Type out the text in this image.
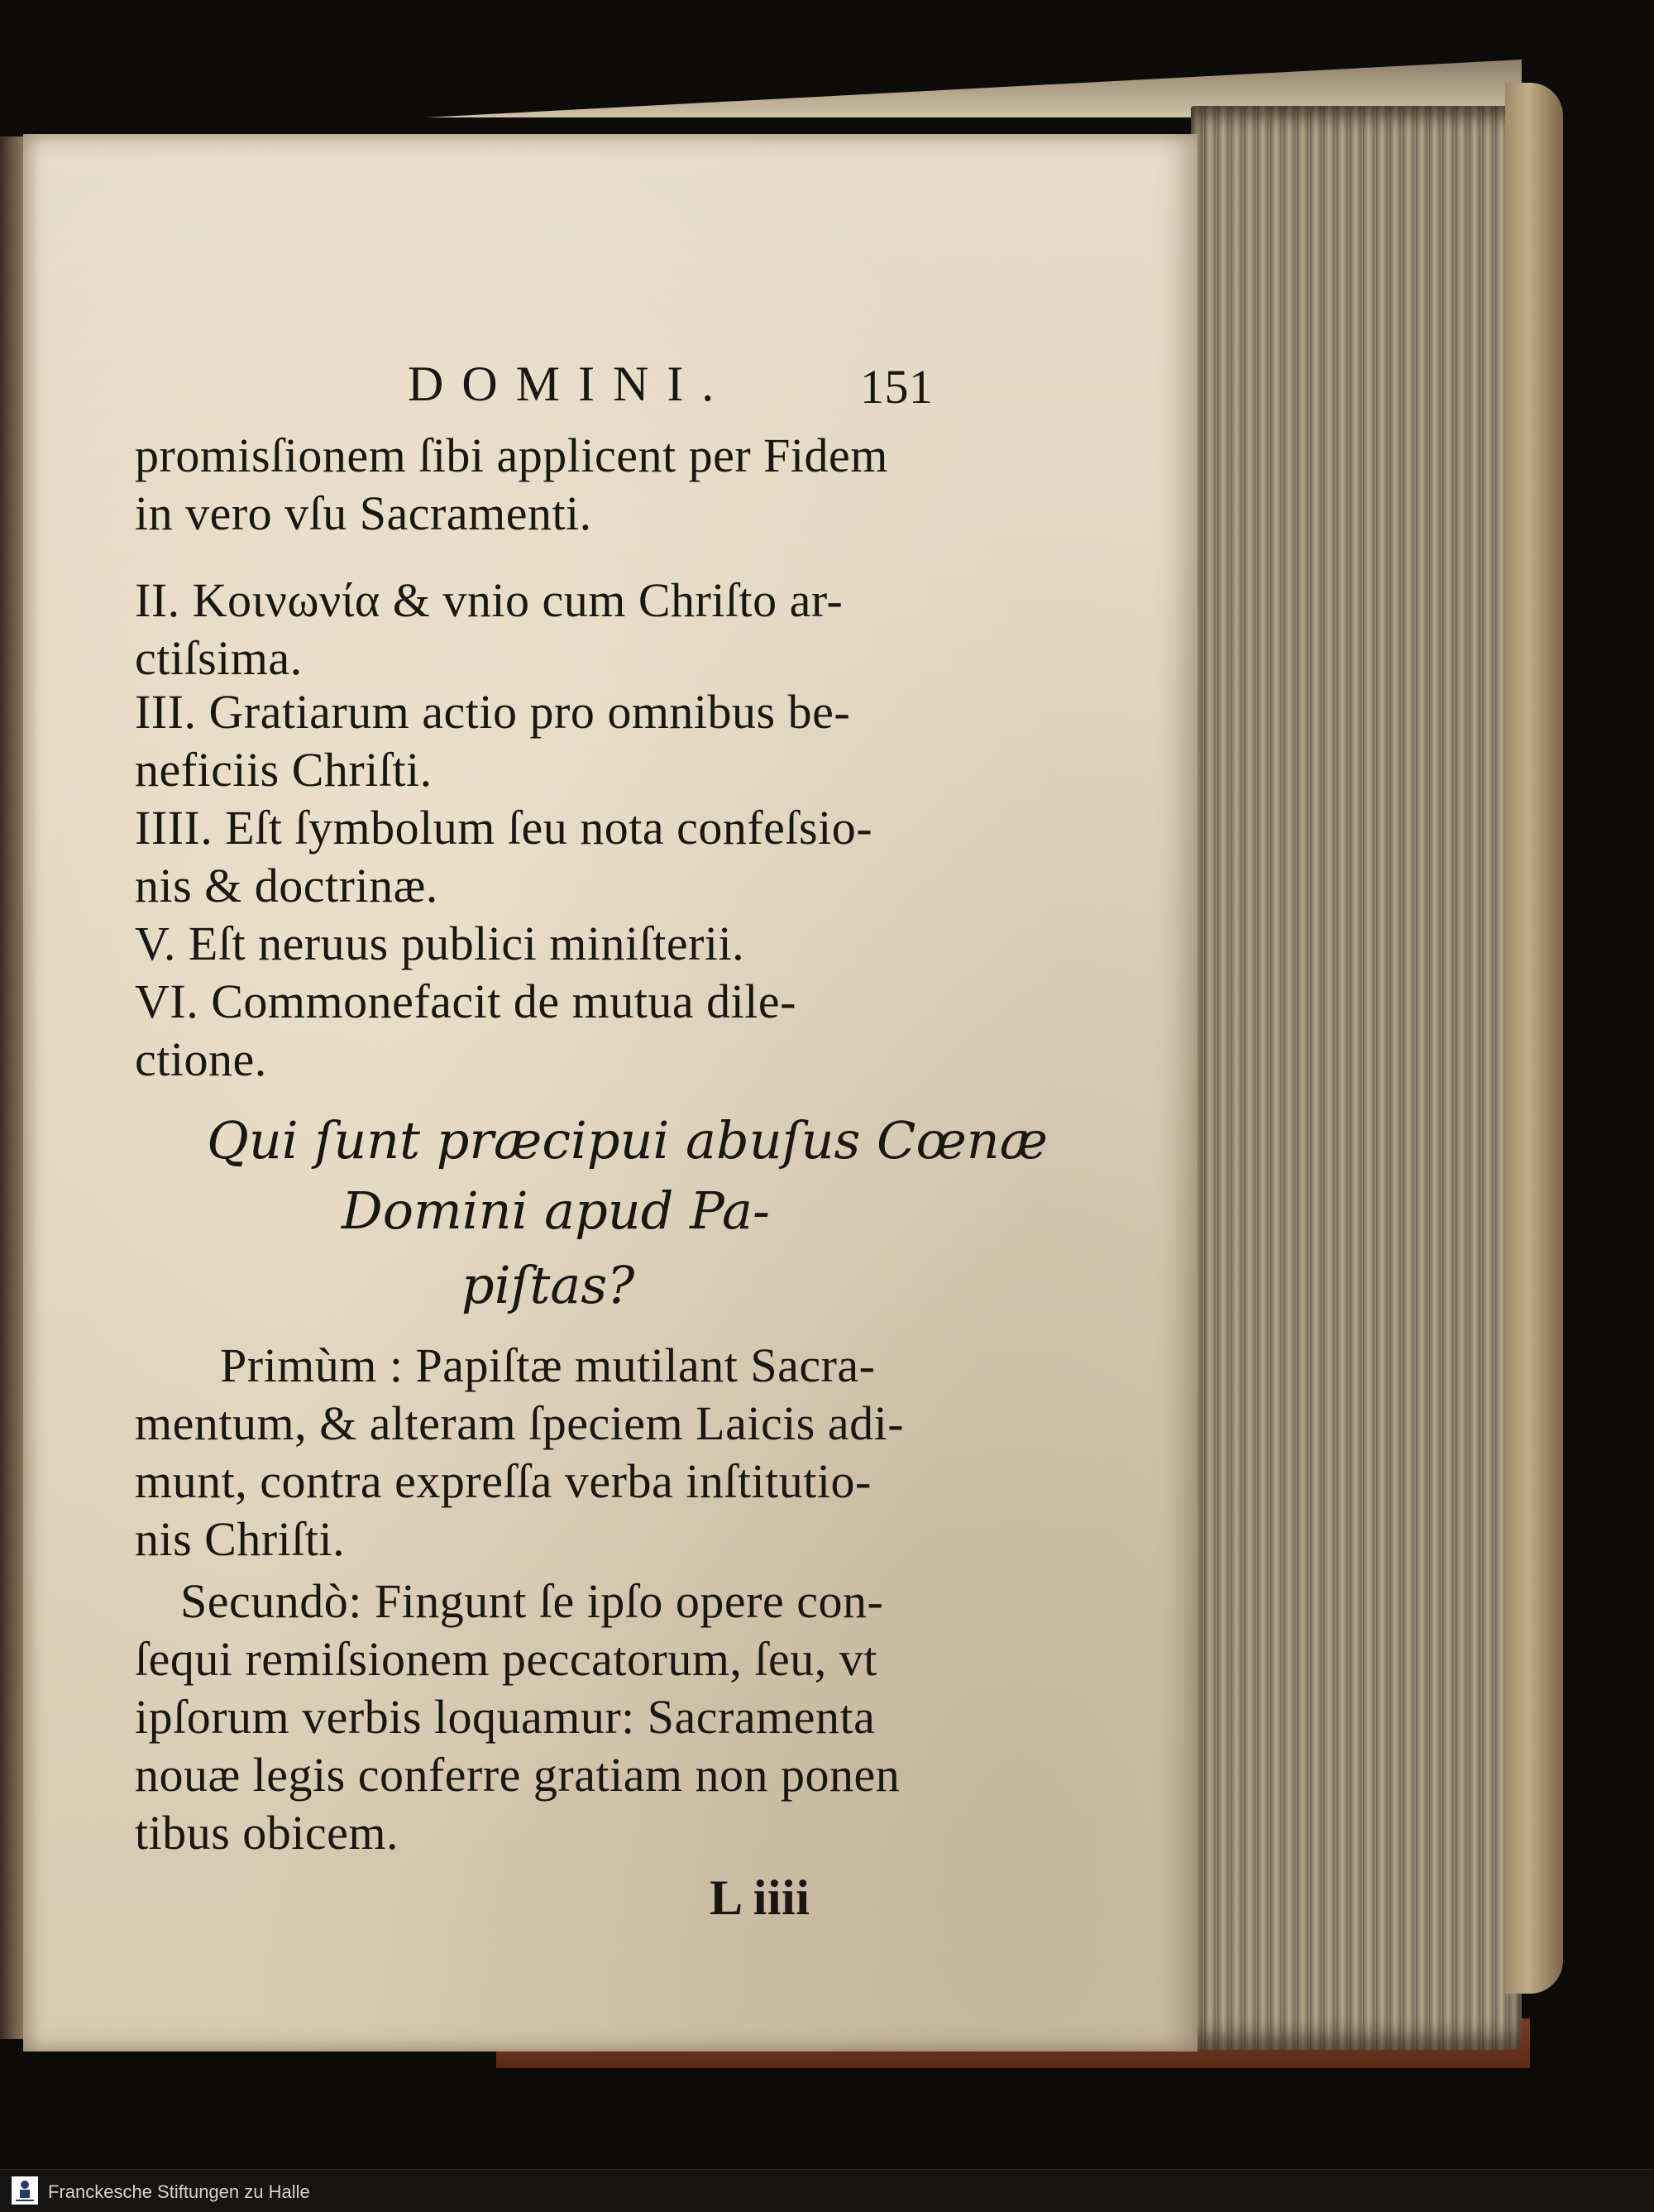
DOMINI.	151
promisſionem ſibi applicent per Fidem
in vero vſu Sacramenti.
II. Κοινωνία & vnio cum Chriſto ar-
ctiſsima.
III. Gratiarum actio pro omnibus be-
neficiis Chriſti.
IIII. Eſt ſymbolum ſeu nota confeſsio-
nis & doctrinæ.
V. Eſt neruus publici miniſterii.
VI. Commonefacit de mutua dile-
ctione.
Qui ſunt præcipui abuſus Cœnæ
Domini apud Pa-
piſtas?
Primùm : Papiſtæ mutilant Sacra-
mentum, & alteram ſpeciem Laicis adi-
munt, contra expreſſa verba inſtitutio-
nis Chriſti.
Secundò: Fingunt ſe ipſo opere con-
ſequi remiſsionem peccatorum, ſeu, vt
ipſorum verbis loquamur: Sacramenta
nouæ legis conferre gratiam non ponen
tibus obicem.
L iiii
Franckesche Stiftungen zu Halle
